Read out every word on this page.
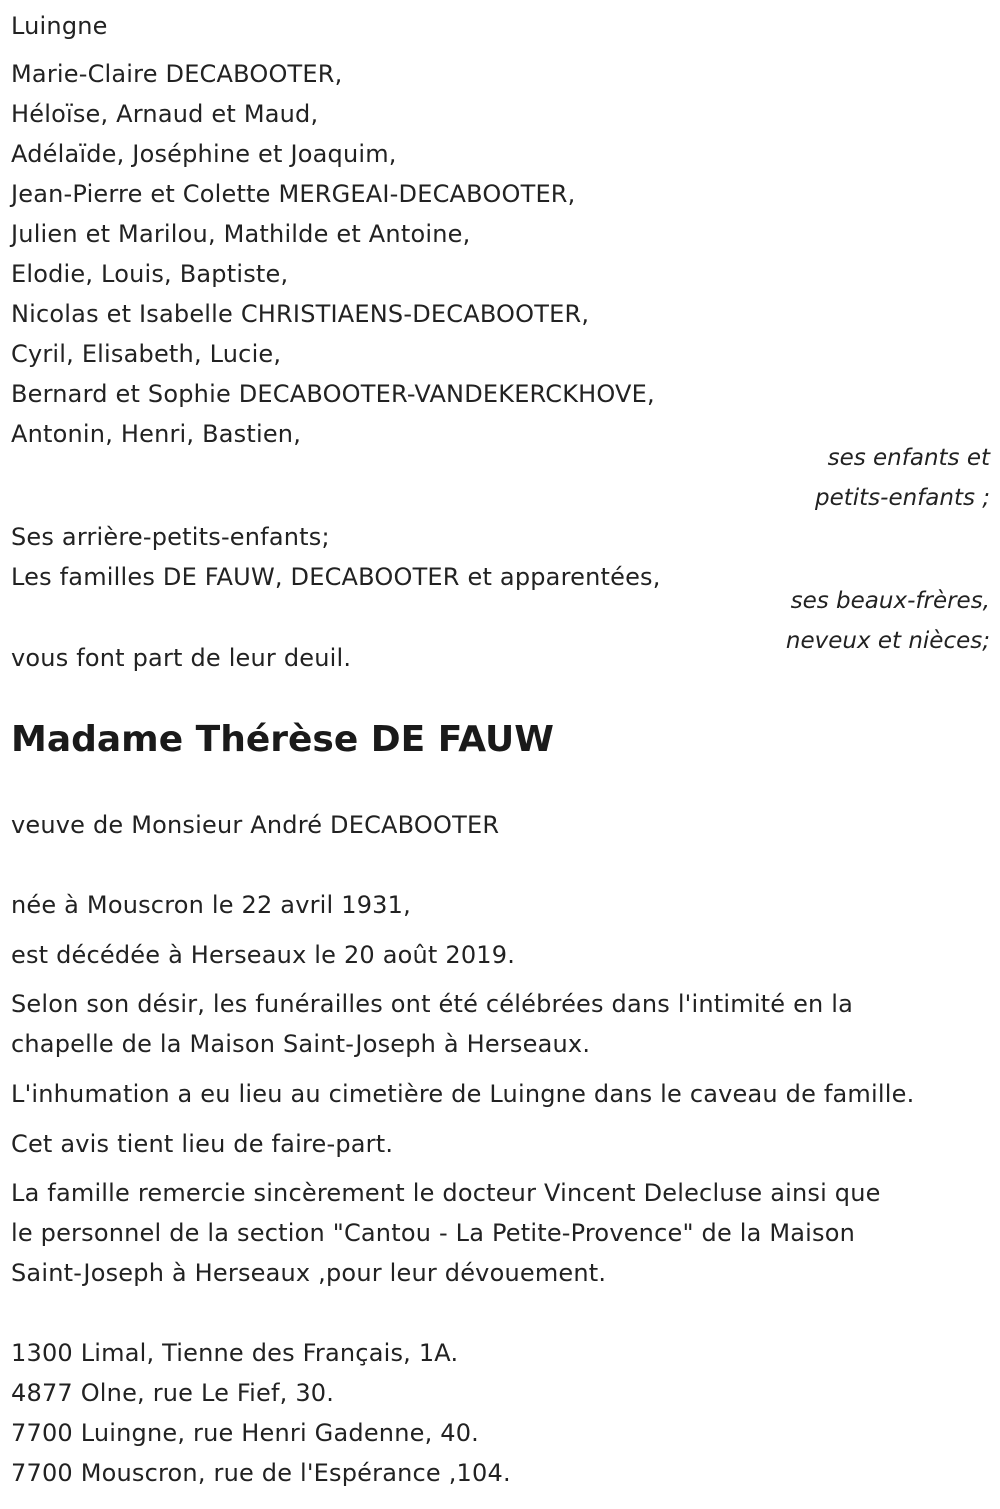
Luingne
Marie-Claire DECABOOTER,
Héloïse, Arnaud et Maud,
Adélaïde, Joséphine et Joaquim,
Jean-Pierre et Colette MERGEAI-DECABOOTER,
Julien et Marilou, Mathilde et Antoine,
Elodie, Louis, Baptiste,
Nicolas et Isabelle CHRISTIAENS-DECABOOTER,
Cyril, Elisabeth, Lucie,
Bernard et Sophie DECABOOTER-VANDEKERCKHOVE,
Antonin, Henri, Bastien,
ses enfants et
petits-enfants ;
Ses arrière-petits-enfants;
Les familles DE FAUW, DECABOOTER et apparentées,
ses beaux-frères,
neveux et nièces;
vous font part de leur deuil.
Madame Thérèse DE FAUW
veuve de Monsieur André DECABOOTER
née à Mouscron le 22 avril 1931,
est décédée à Herseaux le 20 août 2019.
Selon son désir, les funérailles ont été célébrées dans l'intimité en la
chapelle de la Maison Saint-Joseph à Herseaux.
L'inhumation a eu lieu au cimetière de Luingne dans le caveau de famille.
Cet avis tient lieu de faire-part.
La famille remercie sincèrement le docteur Vincent Delecluse ainsi que
le personnel de la section "Cantou - La Petite-Provence" de la Maison
Saint-Joseph à Herseaux ,pour leur dévouement.
1300 Limal, Tienne des Français, 1A.
4877 Olne, rue Le Fief, 30.
7700 Luingne, rue Henri Gadenne, 40.
7700 Mouscron, rue de l'Espérance ,104.
